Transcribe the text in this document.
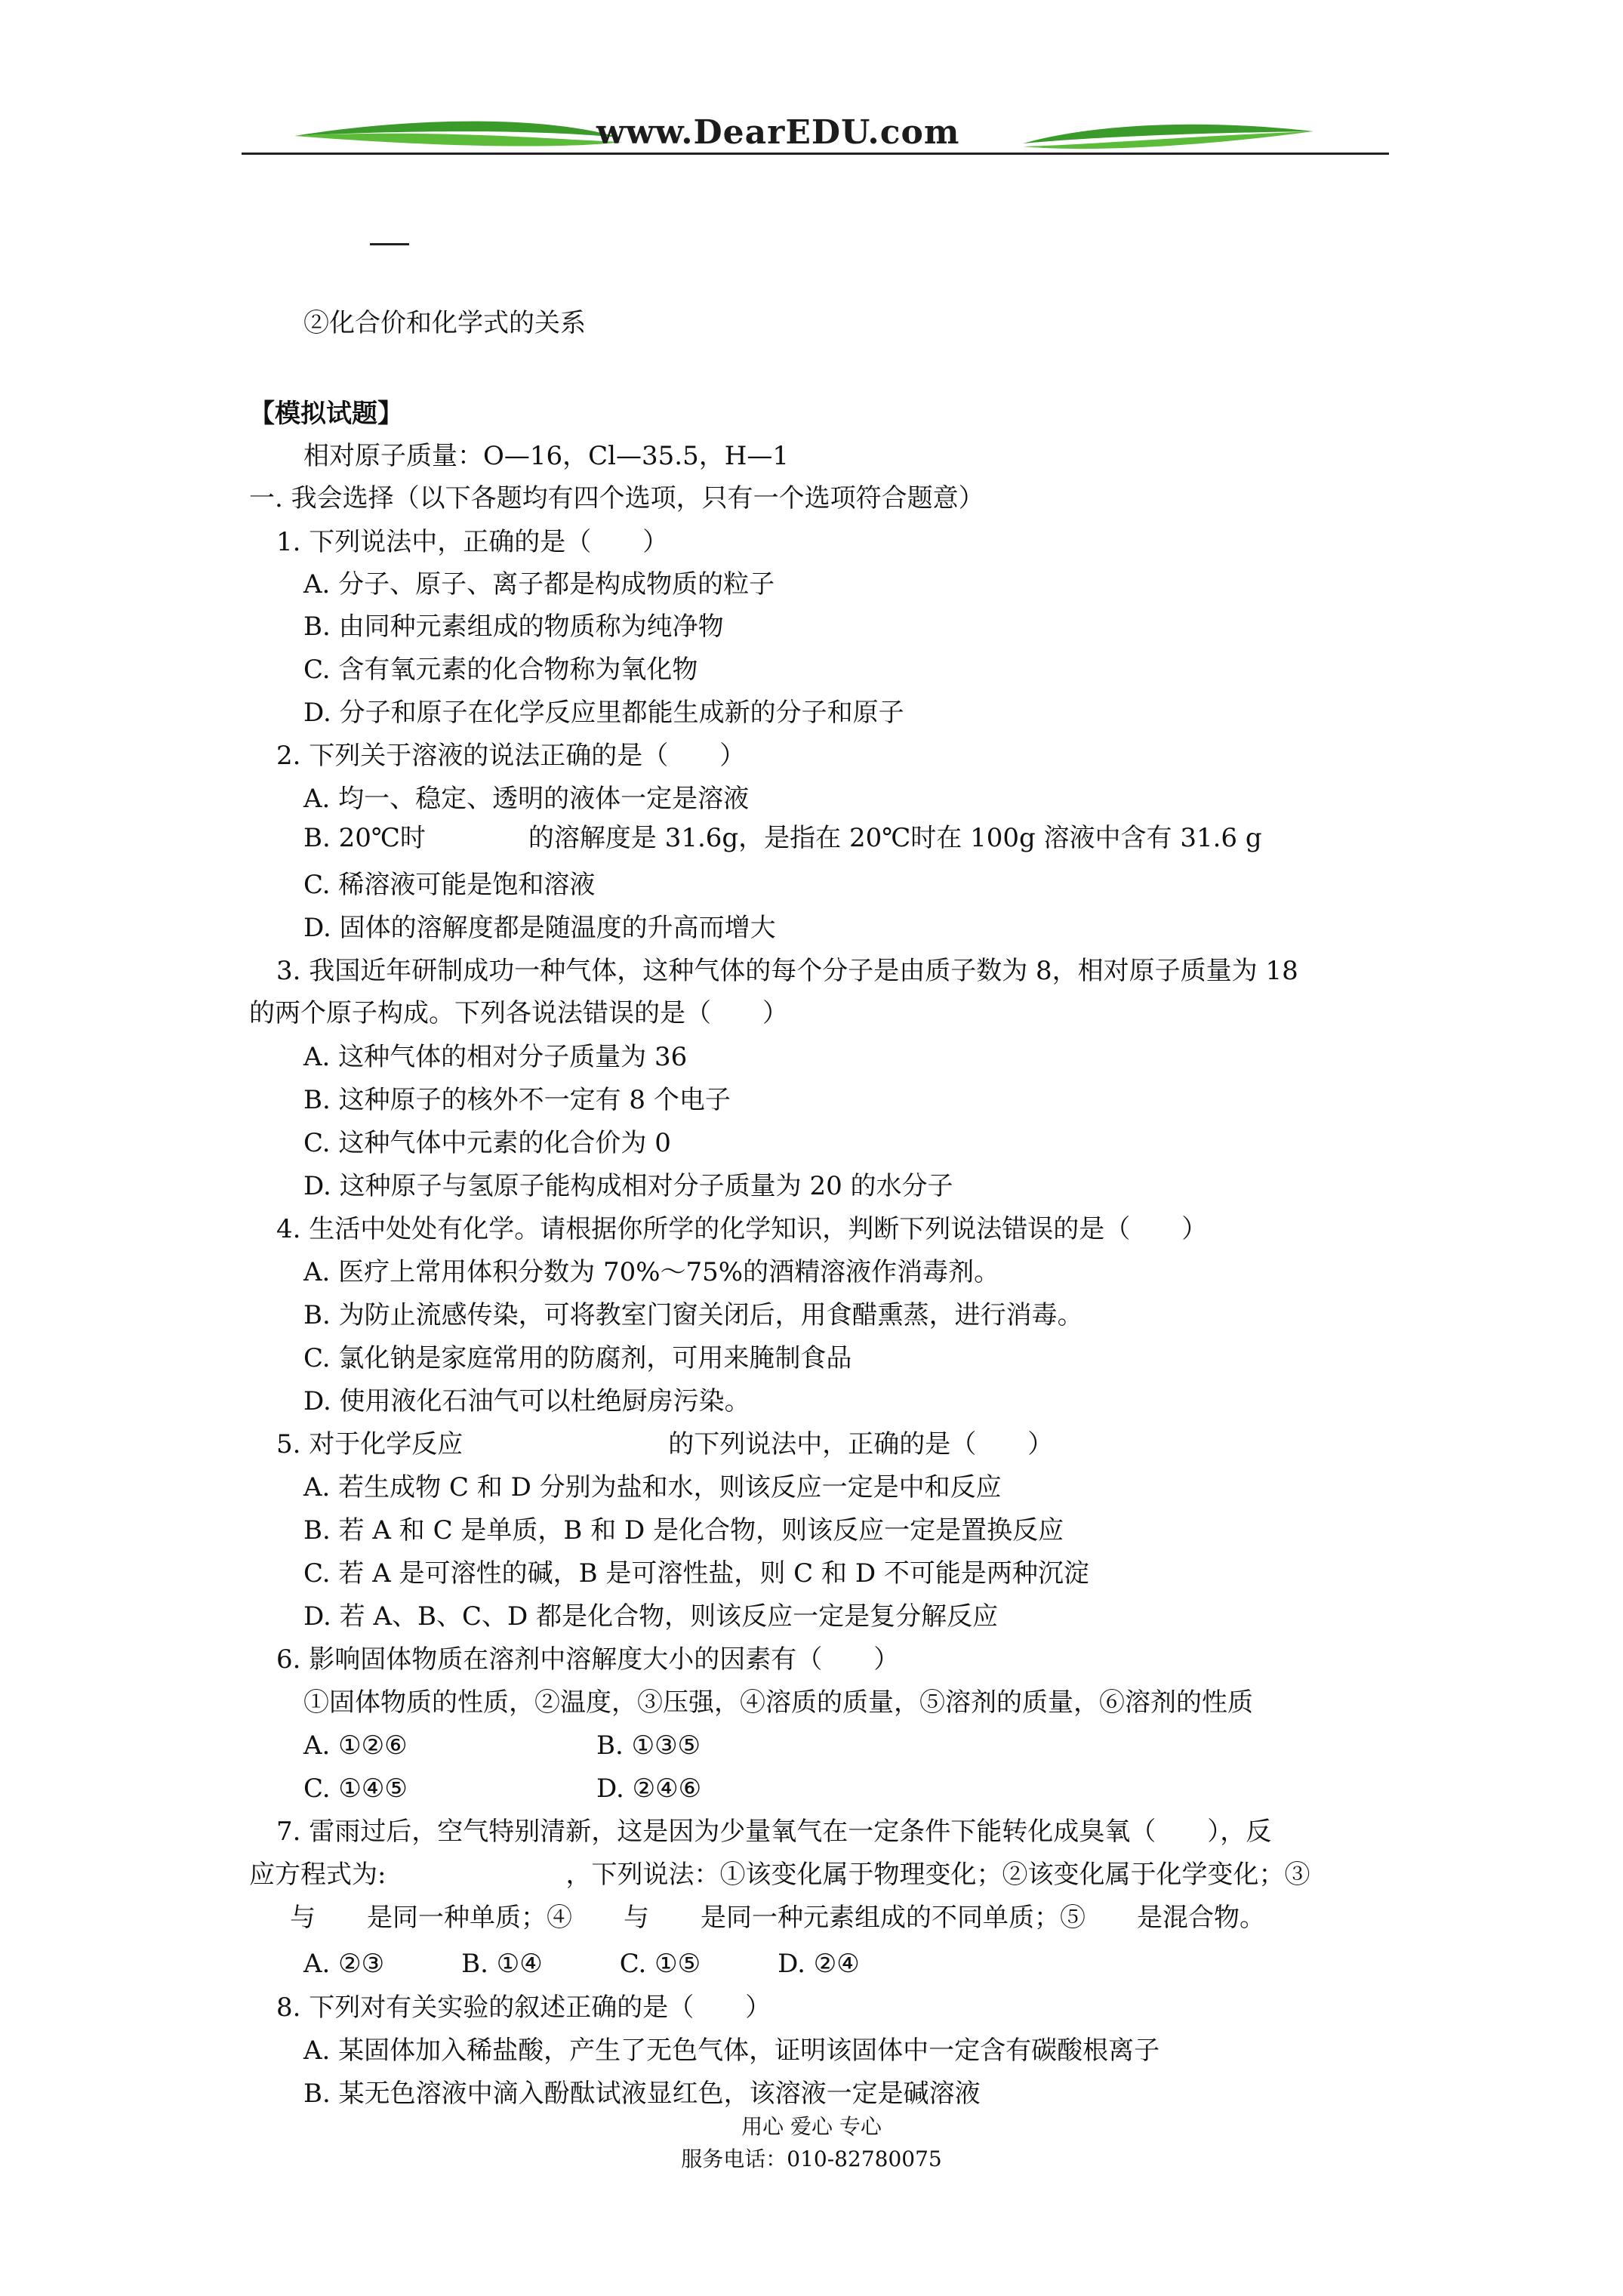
www.DearEDU.com
②化合价和化学式的关系
【模拟试题】
相对原子质量：O—16，Cl—35.5，H—1
一. 我会选择（以下各题均有四个选项，只有一个选项符合题意）
1. 下列说法中，正确的是（　　）
A. 分子、原子、离子都是构成物质的粒子
B. 由同种元素组成的物质称为纯净物
C. 含有氧元素的化合物称为氧化物
D. 分子和原子在化学反应里都能生成新的分子和原子
2. 下列关于溶液的说法正确的是（　　）
A. 均一、稳定、透明的液体一定是溶液
B. 20℃时　　　　的溶解度是 31.6g，是指在 20℃时在 100g 溶液中含有 31.6 g
C. 稀溶液可能是饱和溶液
D. 固体的溶解度都是随温度的升高而增大
3. 我国近年研制成功一种气体，这种气体的每个分子是由质子数为 8，相对原子质量为 18
的两个原子构成。下列各说法错误的是（　　）
A. 这种气体的相对分子质量为 36
B. 这种原子的核外不一定有 8 个电子
C. 这种气体中元素的化合价为 0
D. 这种原子与氢原子能构成相对分子质量为 20 的水分子
4. 生活中处处有化学。请根据你所学的化学知识，判断下列说法错误的是（　　）
A. 医疗上常用体积分数为 70%～75%的酒精溶液作消毒剂。
B. 为防止流感传染，可将教室门窗关闭后，用食醋熏蒸，进行消毒。
C. 氯化钠是家庭常用的防腐剂，可用来腌制食品
D. 使用液化石油气可以杜绝厨房污染。
5. 对于化学反应　　　　　　　　的下列说法中，正确的是（　　）
A. 若生成物 C 和 D 分别为盐和水，则该反应一定是中和反应
B. 若 A 和 C 是单质，B 和 D 是化合物，则该反应一定是置换反应
C. 若 A 是可溶性的碱，B 是可溶性盐，则 C 和 D 不可能是两种沉淀
D. 若 A、B、C、D 都是化合物，则该反应一定是复分解反应
6. 影响固体物质在溶剂中溶解度大小的因素有（　　）
①固体物质的性质，②温度，③压强，④溶质的质量，⑤溶剂的质量，⑥溶剂的性质
A. ①②⑥	B. ①③⑤
C. ①④⑤	D. ②④⑥
7. 雷雨过后，空气特别清新，这是因为少量氧气在一定条件下能转化成臭氧（　　），反
应方程式为:　　　　　　　，下列说法：①该变化属于物理变化；②该变化属于化学变化；③
与　　是同一种单质；④　　与　　是同一种元素组成的不同单质；⑤　　是混合物。
A. ②③　　　B. ①④　　　C. ①⑤　　　D. ②④
8. 下列对有关实验的叙述正确的是（　　）
A. 某固体加入稀盐酸，产生了无色气体，证明该固体中一定含有碳酸根离子
B. 某无色溶液中滴入酚酞试液显红色，该溶液一定是碱溶液
用心 爱心 专心
服务电话：010-82780075
